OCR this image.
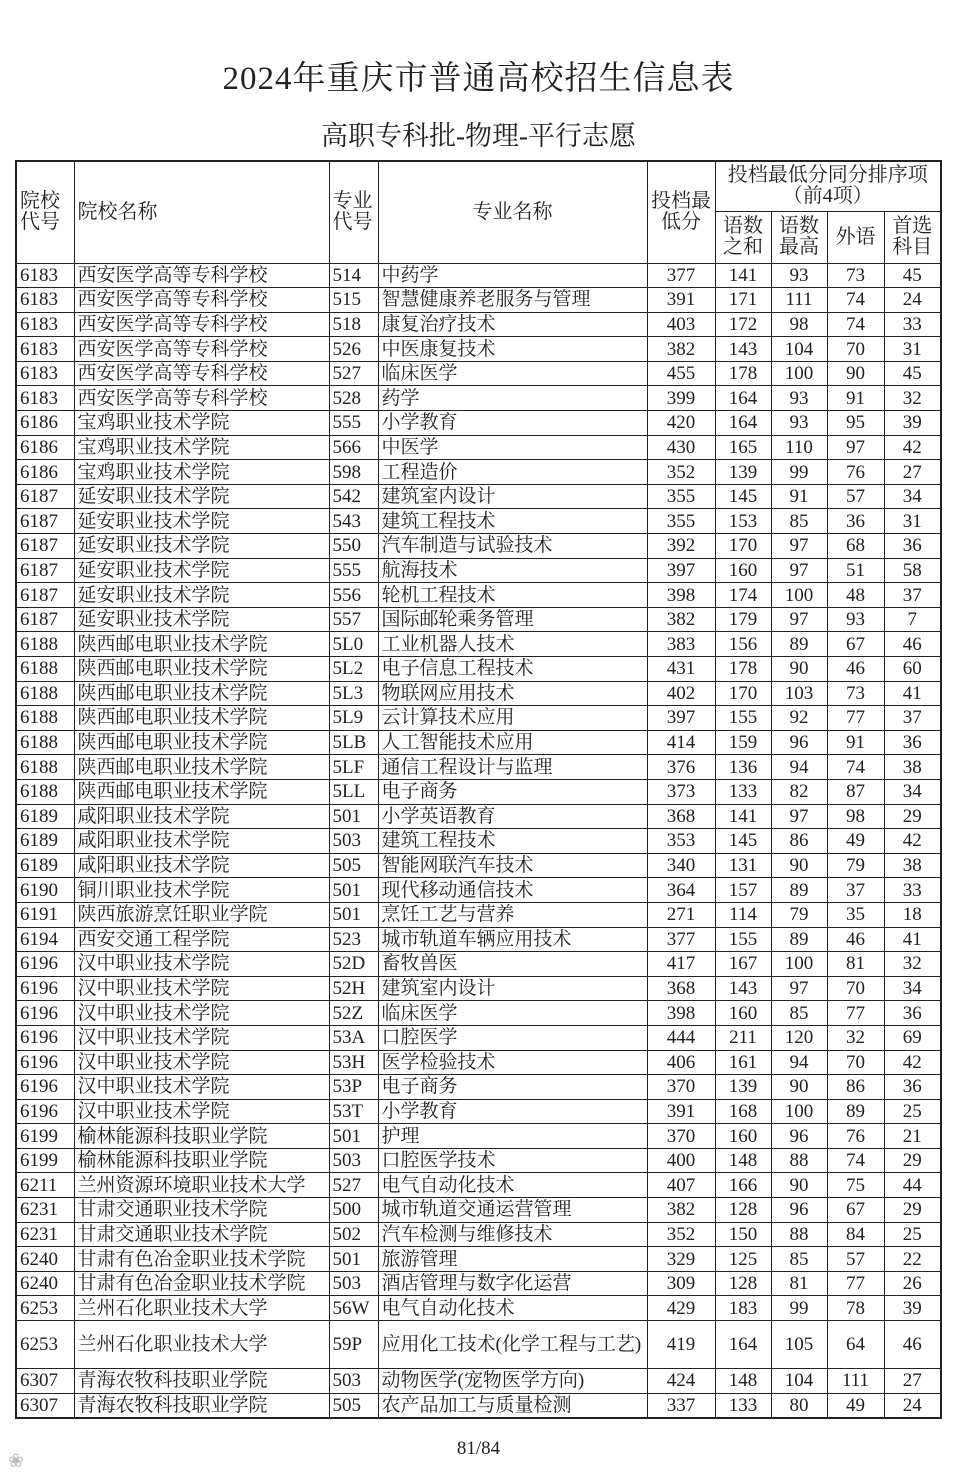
2024年重庆市普通高校招生信息表
高职专科批-物理-平行志愿
院校代号	院校名称	专业代号	专业名称	投档最低分	投档最低分同分排序项（前4项）			
					语数之和	语数最高	外语	首选科目
6183	西安医学高等专科学校	514	中药学	377	141	93	73	45
6183	西安医学高等专科学校	515	智慧健康养老服务与管理	391	171	111	74	24
6183	西安医学高等专科学校	518	康复治疗技术	403	172	98	74	33
6183	西安医学高等专科学校	526	中医康复技术	382	143	104	70	31
6183	西安医学高等专科学校	527	临床医学	455	178	100	90	45
6183	西安医学高等专科学校	528	药学	399	164	93	91	32
6186	宝鸡职业技术学院	555	小学教育	420	164	93	95	39
6186	宝鸡职业技术学院	566	中医学	430	165	110	97	42
6186	宝鸡职业技术学院	598	工程造价	352	139	99	76	27
6187	延安职业技术学院	542	建筑室内设计	355	145	91	57	34
6187	延安职业技术学院	543	建筑工程技术	355	153	85	36	31
6187	延安职业技术学院	550	汽车制造与试验技术	392	170	97	68	36
6187	延安职业技术学院	555	航海技术	397	160	97	51	58
6187	延安职业技术学院	556	轮机工程技术	398	174	100	48	37
6187	延安职业技术学院	557	国际邮轮乘务管理	382	179	97	93	7
6188	陕西邮电职业技术学院	5L0	工业机器人技术	383	156	89	67	46
6188	陕西邮电职业技术学院	5L2	电子信息工程技术	431	178	90	46	60
6188	陕西邮电职业技术学院	5L3	物联网应用技术	402	170	103	73	41
6188	陕西邮电职业技术学院	5L9	云计算技术应用	397	155	92	77	37
6188	陕西邮电职业技术学院	5LB	人工智能技术应用	414	159	96	91	36
6188	陕西邮电职业技术学院	5LF	通信工程设计与监理	376	136	94	74	38
6188	陕西邮电职业技术学院	5LL	电子商务	373	133	82	87	34
6189	咸阳职业技术学院	501	小学英语教育	368	141	97	98	29
6189	咸阳职业技术学院	503	建筑工程技术	353	145	86	49	42
6189	咸阳职业技术学院	505	智能网联汽车技术	340	131	90	79	38
6190	铜川职业技术学院	501	现代移动通信技术	364	157	89	37	33
6191	陕西旅游烹饪职业学院	501	烹饪工艺与营养	271	114	79	35	18
6194	西安交通工程学院	523	城市轨道车辆应用技术	377	155	89	46	41
6196	汉中职业技术学院	52D	畜牧兽医	417	167	100	81	32
6196	汉中职业技术学院	52H	建筑室内设计	368	143	97	70	34
6196	汉中职业技术学院	52Z	临床医学	398	160	85	77	36
6196	汉中职业技术学院	53A	口腔医学	444	211	120	32	69
6196	汉中职业技术学院	53H	医学检验技术	406	161	94	70	42
6196	汉中职业技术学院	53P	电子商务	370	139	90	86	36
6196	汉中职业技术学院	53T	小学教育	391	168	100	89	25
6199	榆林能源科技职业学院	501	护理	370	160	96	76	21
6199	榆林能源科技职业学院	503	口腔医学技术	400	148	88	74	29
6211	兰州资源环境职业技术大学	527	电气自动化技术	407	166	90	75	44
6231	甘肃交通职业技术学院	500	城市轨道交通运营管理	382	128	96	67	29
6231	甘肃交通职业技术学院	502	汽车检测与维修技术	352	150	88	84	25
6240	甘肃有色冶金职业技术学院	501	旅游管理	329	125	85	57	22
6240	甘肃有色冶金职业技术学院	503	酒店管理与数字化运营	309	128	81	77	26
6253	兰州石化职业技术大学	56W	电气自动化技术	429	183	99	78	39
6253	兰州石化职业技术大学	59P	应用化工技术(化学工程与工艺)	419	164	105	64	46
6307	青海农牧科技职业学院	503	动物医学(宠物医学方向)	424	148	104	111	27
6307	青海农牧科技职业学院	505	农产品加工与质量检测	337	133	80	49	24
81/84
❀
